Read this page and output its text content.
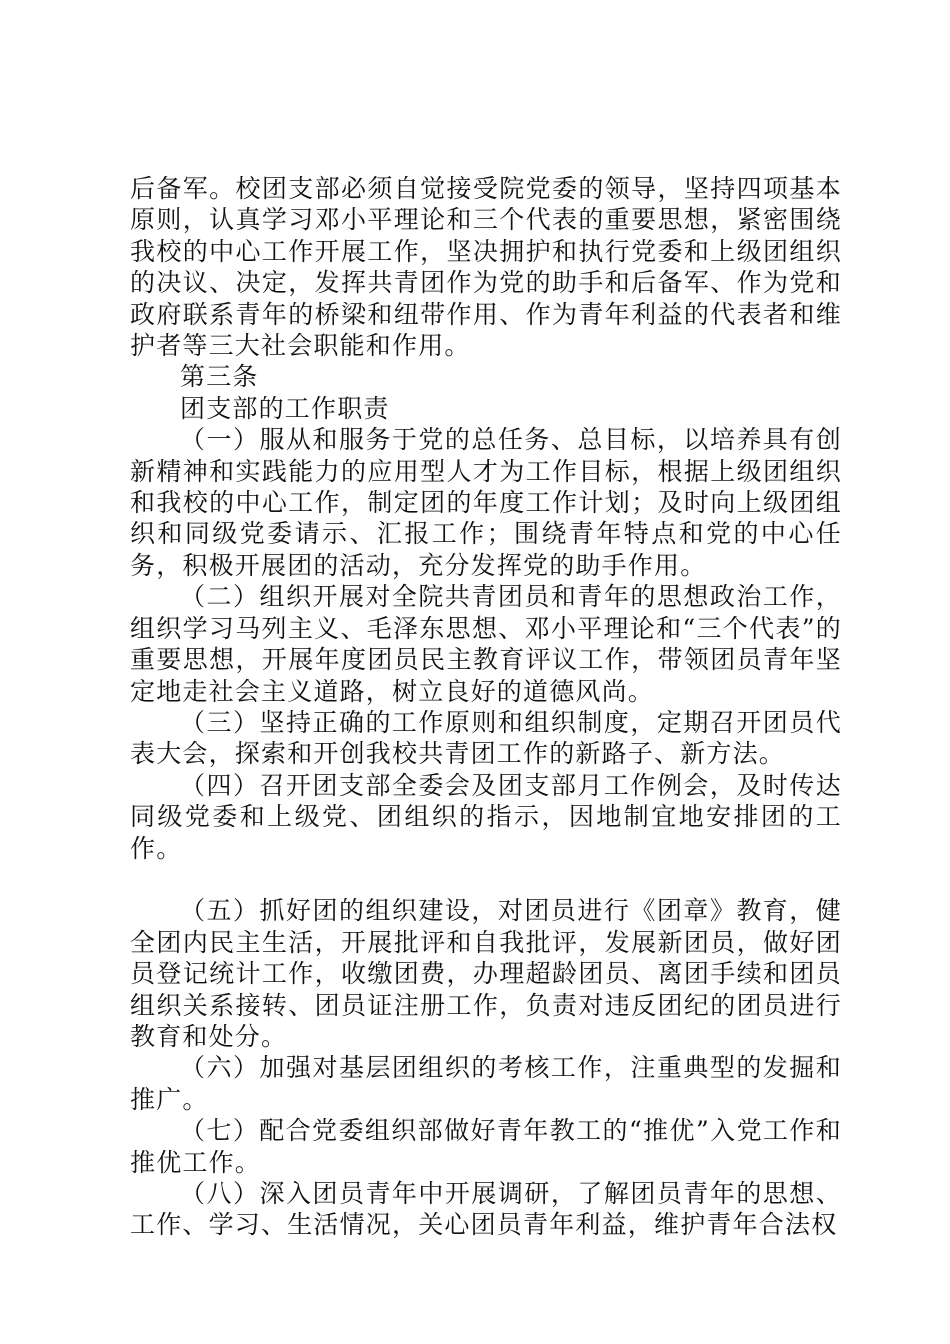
后备军。校团支部必须自觉接受院党委的领导，坚持四项基本原则，认真学习邓小平理论和三个代表的重要思想，紧密围绕我校的中心工作开展工作，坚决拥护和执行党委和上级团组织的决议、决定，发挥共青团作为党的助手和后备军、作为党和政府联系青年的桥梁和纽带作用、作为青年利益的代表者和维护者等三大社会职能和作用。

第三条

团支部的工作职责

（一）服从和服务于党的总任务、总目标，以培养具有创新精神和实践能力的应用型人才为工作目标，根据上级团组织和我校的中心工作，制定团的年度工作计划；及时向上级团组织和同级党委请示、汇报工作；围绕青年特点和党的中心任务，积极开展团的活动，充分发挥党的助手作用。

（二）组织开展对全院共青团员和青年的思想政治工作，组织学习马列主义、毛泽东思想、邓小平理论和“三个代表”的重要思想，开展年度团员民主教育评议工作，带领团员青年坚定地走社会主义道路，树立良好的道德风尚。

（三）坚持正确的工作原则和组织制度，定期召开团员代表大会，探索和开创我校共青团工作的新路子、新方法。

（四）召开团支部全委会及团支部月工作例会，及时传达同级党委和上级党、团组织的指示，因地制宜地安排团的工作。

（五）抓好团的组织建设，对团员进行《团章》教育，健全团内民主生活，开展批评和自我批评，发展新团员，做好团员登记统计工作，收缴团费，办理超龄团员、离团手续和团员组织关系接转、团员证注册工作，负责对违反团纪的团员进行教育和处分。

（六）加强对基层团组织的考核工作，注重典型的发掘和推广。

（七）配合党委组织部做好青年教工的“推优”入党工作和推优工作。

（八）深入团员青年中开展调研，了解团员青年的思想、工作、学习、生活情况，关心团员青年利益，维护青年合法权
